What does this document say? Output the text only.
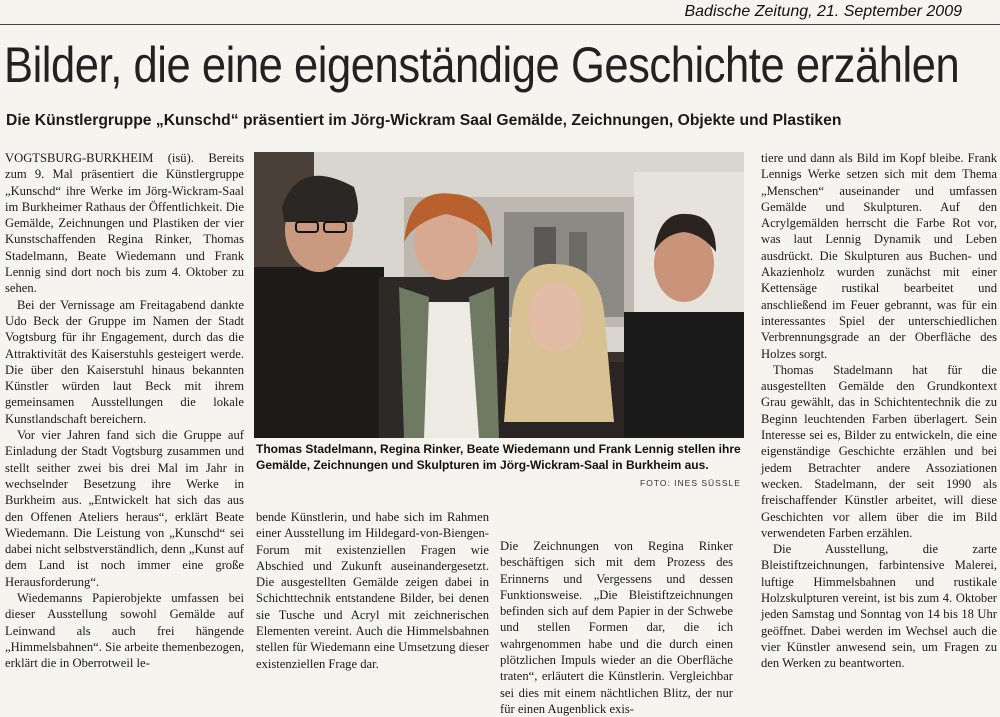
Badische Zeitung, 21. September 2009
Bilder, die eine eigenständige Geschichte erzählen
Die Künstlergruppe „Kunschd“ präsentiert im Jörg-Wickram Saal Gemälde, Zeichnungen, Objekte und Plastiken

VOGTSBURG-BURKHEIM (isü). Bereits zum 9. Mal präsentiert die Künstlergruppe „Kunschd“ ihre Werke im Jörg-Wickram-Saal im Burkheimer Rathaus der Öffentlichkeit. Die Gemälde, Zeichnungen und Plastiken der vier Kunstschaffenden Regina Rinker, Thomas Stadelmann, Beate Wiedemann und Frank Lennig sind dort noch bis zum 4. Oktober zu sehen.

Bei der Vernissage am Freitagabend dankte Udo Beck der Gruppe im Namen der Stadt Vogtsburg für ihr Engagement, durch das die Attraktivität des Kaiserstuhls gesteigert werde. Die über den Kaiserstuhl hinaus bekannten Künstler würden laut Beck mit ihrem gemeinsamen Ausstellungen die lokale Kunstlandschaft bereichern.

Vor vier Jahren fand sich die Gruppe auf Einladung der Stadt Vogtsburg zusammen und stellt seither zwei bis drei Mal im Jahr in wechselnder Besetzung ihre Werke in Burkheim aus. „Entwickelt hat sich das aus den Offenen Ateliers heraus“, erklärt Beate Wiedemann. Die Leistung von „Kunschd“ sei dabei nicht selbstverständlich, denn „Kunst auf dem Land ist noch immer eine große Herausforderung“.

Wiedemanns Papierobjekte umfassen bei dieser Ausstellung sowohl Gemälde auf Leinwand als auch frei hängende „Himmelsbahnen“. Sie arbeite themenbezogen, erklärt die in Oberrotweil le-

Thomas Stadelmann, Regina Rinker, Beate Wiedemann und Frank Lennig stellen ihre Gemälde, Zeichnungen und Skulpturen im Jörg-Wickram-Saal in Burkheim aus.
FOTO: INES SÜSSLE

bende Künstlerin, und habe sich im Rahmen einer Ausstellung im Hildegard-von-Biengen-Forum mit existenziellen Fragen wie Abschied und Zukunft auseinandergesetzt. Die ausgestellten Gemälde zeigen dabei in Schichttechnik entstandene Bilder, bei denen sie Tusche und Acryl mit zeichnerischen Elementen vereint. Auch die Himmelsbahnen stellen für Wiedemann eine Umsetzung dieser existenziellen Frage dar.

Die Zeichnungen von Regina Rinker beschäftigen sich mit dem Prozess des Erinnerns und Vergessens und dessen Funktionsweise. „Die Bleistiftzeichnungen befinden sich auf dem Papier in der Schwebe und stellen Formen dar, die ich wahrgenommen habe und die durch einen plötzlichen Impuls wieder an die Oberfläche traten“, erläutert die Künstlerin. Vergleichbar sei dies mit einem nächtlichen Blitz, der nur für einen Augenblick exis-

tiere und dann als Bild im Kopf bleibe. Frank Lennigs Werke setzen sich mit dem Thema „Menschen“ auseinander und umfassen Gemälde und Skulpturen. Auf den Acrylgemälden herrscht die Farbe Rot vor, was laut Lennig Dynamik und Leben ausdrückt. Die Skulpturen aus Buchen- und Akazienholz wurden zunächst mit einer Kettensäge rustikal bearbeitet und anschließend im Feuer gebrannt, was für ein interessantes Spiel der unterschiedlichen Verbrennungsgrade an der Oberfläche des Holzes sorgt.

Thomas Stadelmann hat für die ausgestellten Gemälde den Grundkontext Grau gewählt, das in Schichtentechnik die zu Beginn leuchtenden Farben überlagert. Sein Interesse sei es, Bilder zu entwickeln, die eine eigenständige Geschichte erzählen und bei jedem Betrachter andere Assoziationen wecken. Stadelmann, der seit 1990 als freischaffender Künstler arbeitet, will diese Geschichten vor allem über die im Bild verwendeten Farben erzählen.

Die Ausstellung, die zarte Bleistiftzeichnungen, farbintensive Malerei, luftige Himmelsbahnen und rustikale Holzskulpturen vereint, ist bis zum 4. Oktober jeden Samstag und Sonntag von 14 bis 18 Uhr geöffnet. Dabei werden im Wechsel auch die vier Künstler anwesend sein, um Fragen zu den Werken zu beantworten.
